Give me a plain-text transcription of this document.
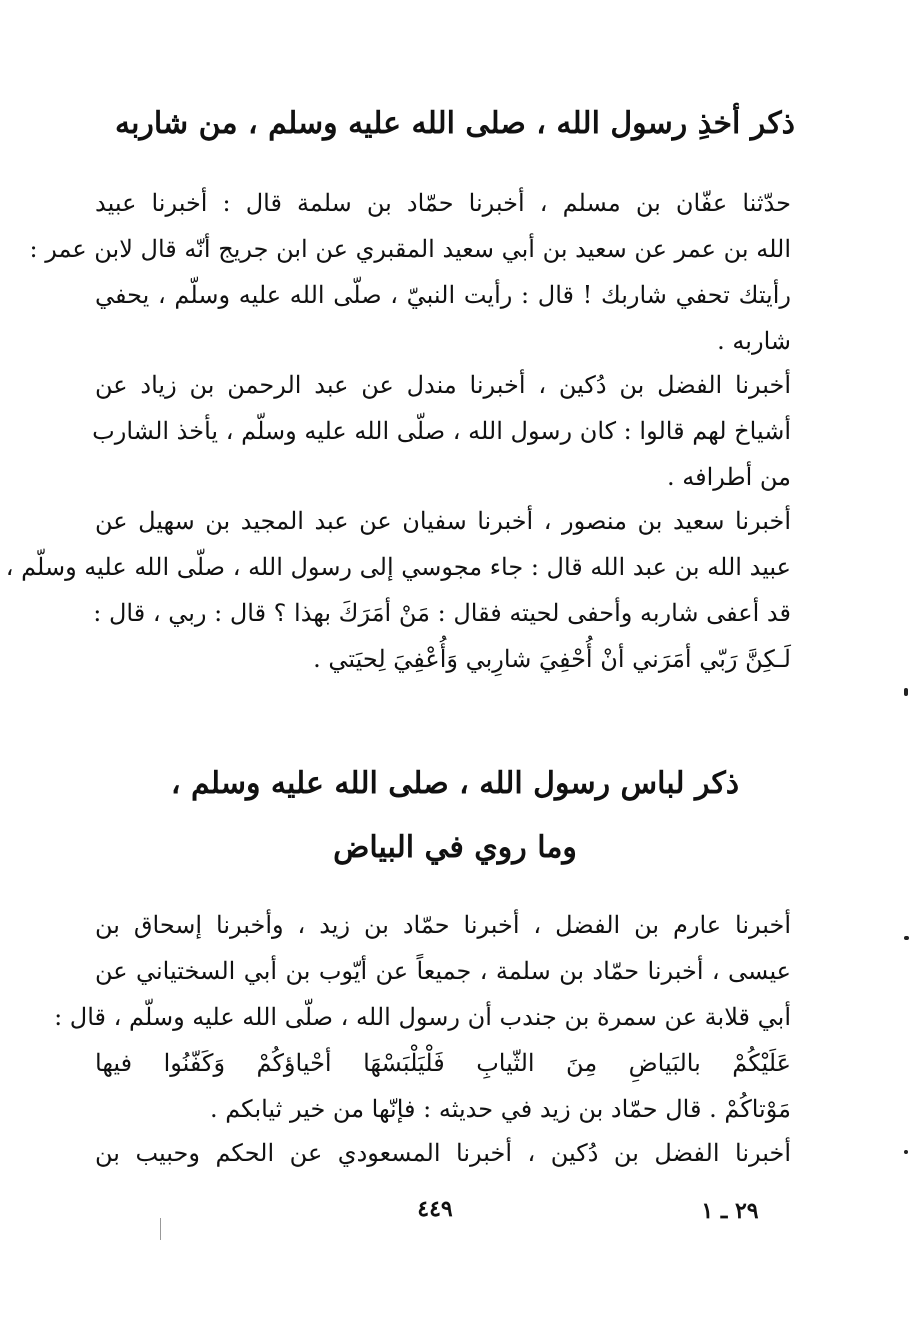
ذكر أخذِ رسول الله ، صلى الله عليه وسلم ، من شاربه
حدّثنا عفّان بن مسلم ، أخبرنا حمّاد بن سلمة قال : أخبرنا عبيد
الله بن عمر عن سعيد بن أبي سعيد المقبري عن ابن جريج أنّه قال لابن عمر :
رأيتك تحفي شاربك ! قال : رأيت النبيّ ، صلّى الله عليه وسلّم ، يحفي
شاربه .
أخبرنا الفضل بن دُكين ، أخبرنا مندل عن عبد الرحمن بن زياد عن
أشياخ لهم قالوا : كان رسول الله ، صلّى الله عليه وسلّم ، يأخذ الشارب
من أطرافه .
أخبرنا سعيد بن منصور ، أخبرنا سفيان عن عبد المجيد بن سهيل عن
عبيد الله بن عبد الله قال : جاء مجوسي إلى رسول الله ، صلّى الله عليه وسلّم ،
قد أعفى شاربه وأحفى لحيته فقال : مَنْ أمَرَكَ بهذا ؟ قال : ربي ، قال :
لَـكِنَّ رَبّي أمَرَني أنْ أُحْفِيَ شارِبي وَأُعْفِيَ لِحيَتي .
ذكر لباس رسول الله ، صلى الله عليه وسلم ،
وما روي في البياض
أخبرنا عارم بن الفضل ، أخبرنا حمّاد بن زيد ، وأخبرنا إسحاق بن
عيسى ، أخبرنا حمّاد بن سلمة ، جميعاً عن أيّوب بن أبي السختياني عن
أبي قلابة عن سمرة بن جندب أن رسول الله ، صلّى الله عليه وسلّم ، قال :
عَلَيْكُمْ بالبَياضِ مِنَ الثّيابِ فَلْيَلْبَسْهَا أحْياؤكُمْ وَكَفّنُوا فيها
مَوْتاكُمْ . قال حمّاد بن زيد في حديثه : فإنّها من خير ثيابكم .
أخبرنا الفضل بن دُكين ، أخبرنا المسعودي عن الحكم وحبيب بن
٤٤٩	٢٩ ـ ١
